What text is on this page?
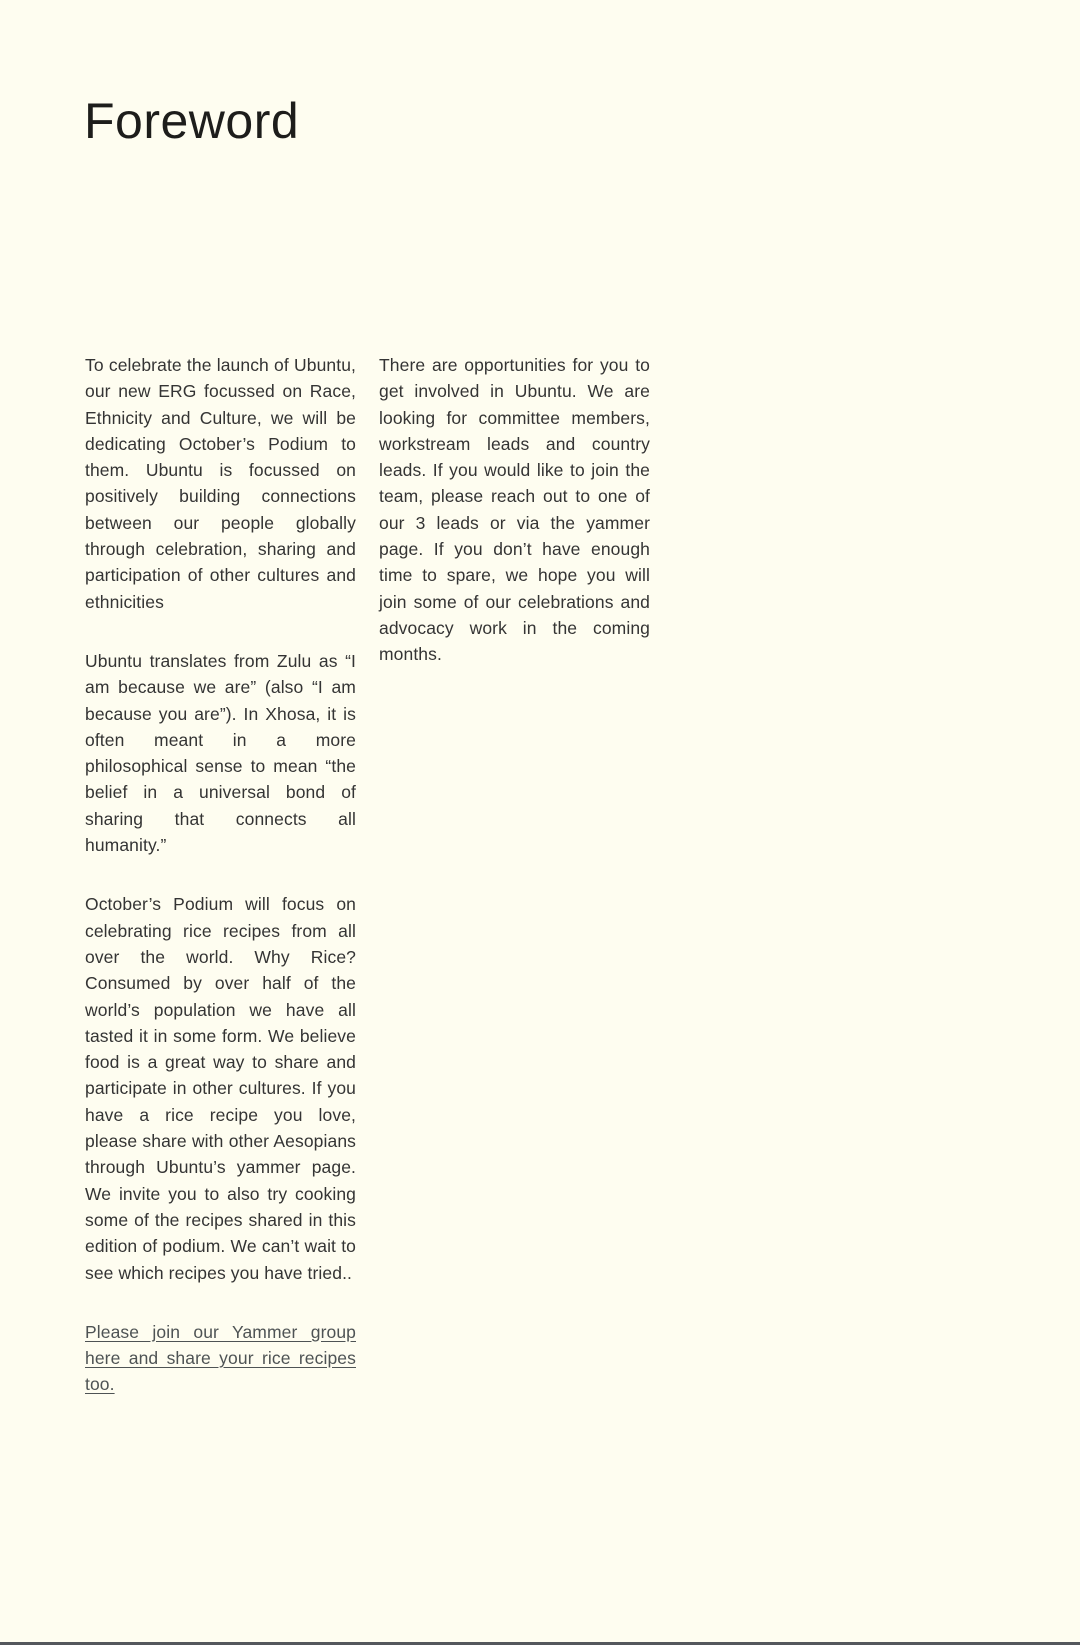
Foreword

To celebrate the launch of Ubuntu, our new ERG focussed on Race, Ethnicity and Culture, we will be dedicating October’s Podium to them. Ubuntu is focussed on positively building connections between our people globally through celebration, sharing and participation of other cultures and ethnicities

Ubuntu translates from Zulu as “I am because we are” (also “I am because you are”). In Xhosa, it is often meant in a more philosophical sense to mean “the belief in a universal bond of sharing that connects all humanity.”

October’s Podium will focus on celebrating rice recipes from all over the world. Why Rice? Consumed by over half of the world’s population we have all tasted it in some form. We believe food is a great way to share and participate in other cultures. If you have a rice recipe you love, please share with other Aesopians through Ubuntu’s yammer page. We invite you to also try cooking some of the recipes shared in this edition of podium. We can’t wait to see which recipes you have tried..

Please join our Yammer group here and share your rice recipes too.

There are opportunities for you to get involved in Ubuntu. We are looking for committee members, workstream leads and country leads. If you would like to join the team, please reach out to one of our 3 leads or via the yammer page. If you don’t have enough time to spare, we hope you will join some of our celebrations and advocacy work in the coming months.
